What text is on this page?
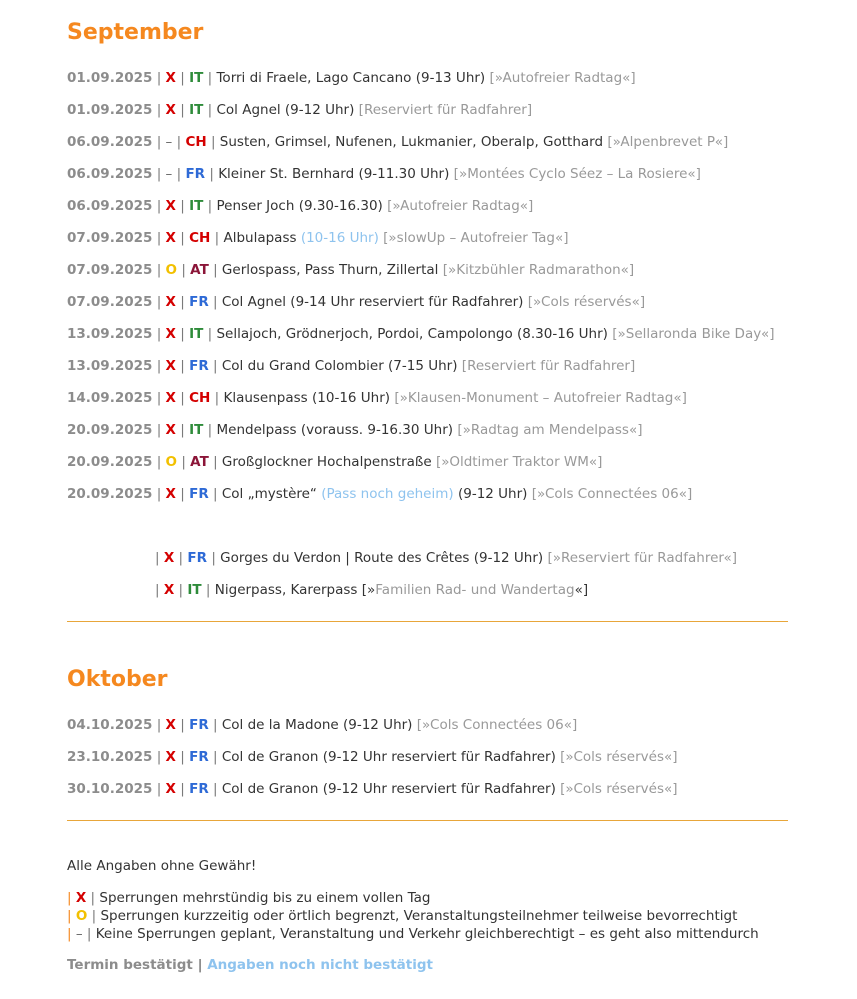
September
01.09.2025 | X | IT | Torri di Fraele, Lago Cancano (9-13 Uhr) [»Autofreier Radtag«]
01.09.2025 | X | IT | Col Agnel (9-12 Uhr) [Reserviert für Radfahrer]
06.09.2025 | – | CH | Susten, Grimsel, Nufenen, Lukmanier, Oberalp, Gotthard [»Alpenbrevet P«]
06.09.2025 | – | FR | Kleiner St. Bernhard (9-11.30 Uhr) [»Montées Cyclo Séez – La Rosiere«]
06.09.2025 | X | IT | Penser Joch (9.30-16.30) [»Autofreier Radtag«]
07.09.2025 | X | CH | Albulapass (10-16 Uhr) [»slowUp – Autofreier Tag«]
07.09.2025 | O | AT | Gerlospass, Pass Thurn, Zillertal [»Kitzbühler Radmarathon«]
07.09.2025 | X | FR | Col Agnel (9-14 Uhr reserviert für Radfahrer) [»Cols réservés«]
13.09.2025 | X | IT | Sellajoch, Grödnerjoch, Pordoi, Campolongo (8.30-16 Uhr) [»Sellaronda Bike Day«]
13.09.2025 | X | FR | Col du Grand Colombier (7-15 Uhr) [Reserviert für Radfahrer]
14.09.2025 | X | CH | Klausenpass (10-16 Uhr) [»Klausen-Monument – Autofreier Radtag«]
20.09.2025 | X | IT | Mendelpass (vorauss. 9-16.30 Uhr) [»Radtag am Mendelpass«]
20.09.2025 | O | AT | Großglockner Hochalpenstraße [»Oldtimer Traktor WM«]
20.09.2025 | X | FR | Col „mystère“ (Pass noch geheim) (9-12 Uhr) [»Cols Connectées 06«]
| X | FR | Gorges du Verdon | Route des Crêtes (9-12 Uhr) [»Reserviert für Radfahrer«]
| X | IT | Nigerpass, Karerpass [»Familien Rad- und Wandertag«]
Oktober
04.10.2025 | X | FR | Col de la Madone (9-12 Uhr) [»Cols Connectées 06«]
23.10.2025 | X | FR | Col de Granon (9-12 Uhr reserviert für Radfahrer) [»Cols réservés«]
30.10.2025 | X | FR | Col de Granon (9-12 Uhr reserviert für Radfahrer) [»Cols réservés«]
Alle Angaben ohne Gewähr!
| X | Sperrungen mehrstündig bis zu einem vollen Tag
| O | Sperrungen kurzzeitig oder örtlich begrenzt, Veranstaltungsteilnehmer teilweise bevorrechtigt
| – | Keine Sperrungen geplant, Veranstaltung und Verkehr gleichberechtigt – es geht also mittendurch
Termin bestätigt | Angaben noch nicht bestätigt
